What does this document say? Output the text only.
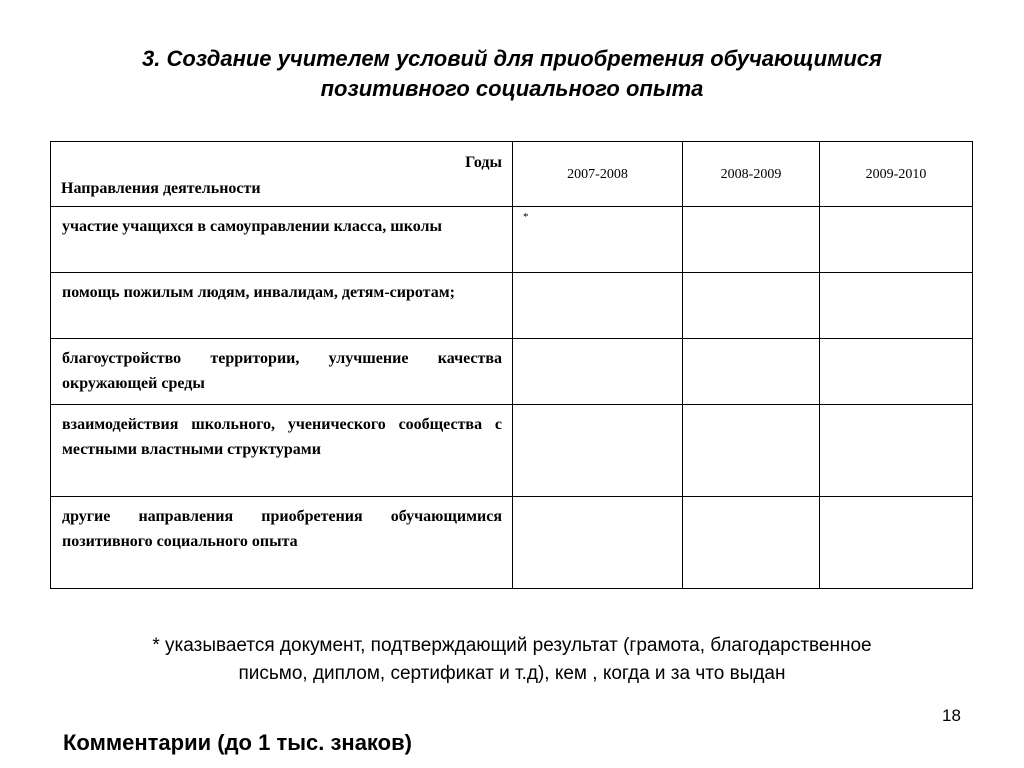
3. Создание учителем условий для приобретения обучающимися
позитивного социального опыта
Годы
Направления деятельности	2007-2008	2008-2009	2009-2010
участие учащихся в самоуправлении класса, школы	*		

помощь пожилым людям, инвалидам, детям-сиротам;	

благоустройство территории, улучшение качества окружающей среды	

взаимодействия школьного, ученического сообщества с местными властными структурами	

другие направления приобретения обучающимися позитивного социального опыта	

* указывается документ, подтверждающий результат (грамота, благодарственное
письмо, диплом, сертификат и т.д), кем , когда и за что выдан
18
Комментарии (до 1 тыс. знаков)
